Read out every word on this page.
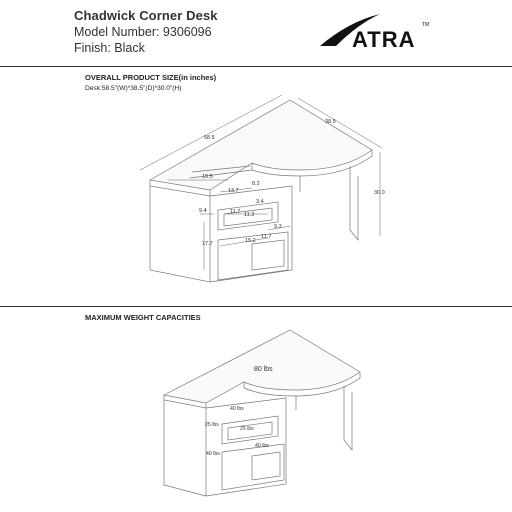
Chadwick Corner Desk
Model Number: 9306096
Finish: Black	ATRA
TM
OVERALL PRODUCT SIZE(in inches)
Desk:58.5"(W)*38.5"(D)*30.0"(H)
58.5
38.5
30.0
19.5
13.7
8.2
3.4
9.4	11.7 11.3
9.3
11.7
17.7	15.2
MAXIMUM WEIGHT CAPACITIES
80 lbs
40 lbs
25 lbs
25 lbs
40 lbs
40 lbs
